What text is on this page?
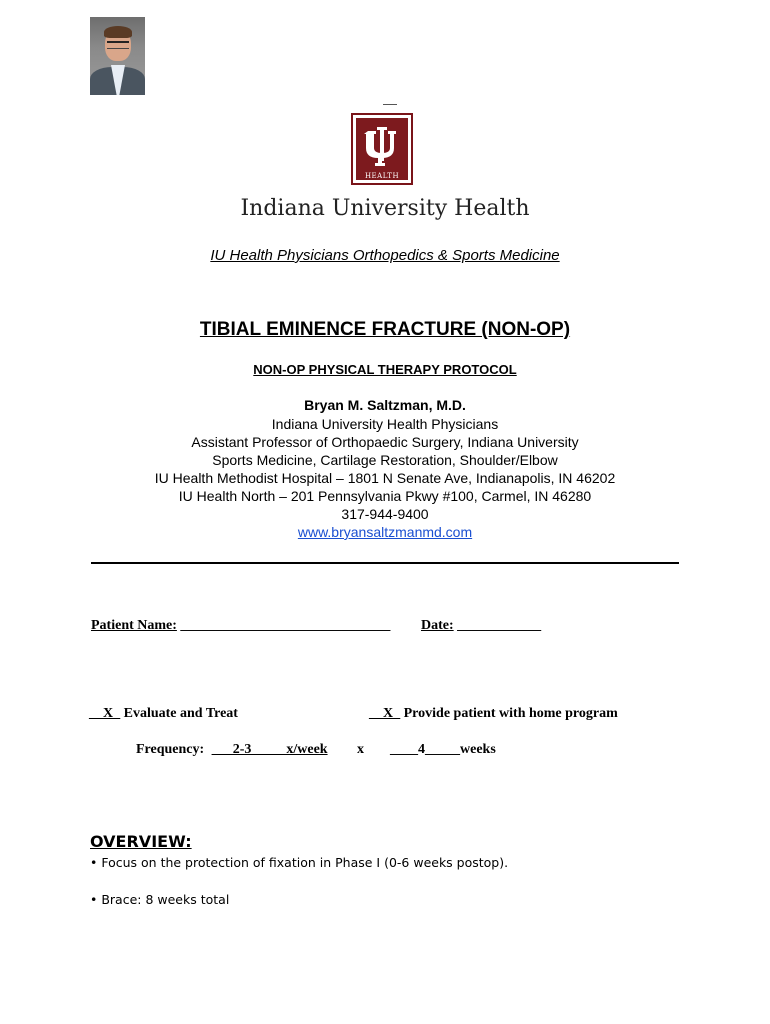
HEALTH
Indiana University Health
IU Health Physicians Orthopedics & Sports Medicine
TIBIAL EMINENCE FRACTURE (NON-OP)
NON-OP PHYSICAL THERAPY PROTOCOL
Bryan M. Saltzman, M.D.
Indiana University Health Physicians
Assistant Professor of Orthopaedic Surgery, Indiana University
Sports Medicine, Cartilage Restoration, Shoulder/Elbow
IU Health Methodist Hospital – 1801 N Senate Ave, Indianapolis, IN 46202
IU Health North – 201 Pennsylvania Pkwy #100, Carmel, IN 46280
317-944-9400
www.bryansaltzmanmd.com
Patient Name: ______________________________ Date: ____________
__X_ Evaluate and Treat	__X_ Provide patient with home program
Frequency: ___2-3_____x/week x ____4_____weeks
OVERVIEW:
• Focus on the protection of fixation in Phase I (0-6 weeks postop).
• Brace: 8 weeks total
